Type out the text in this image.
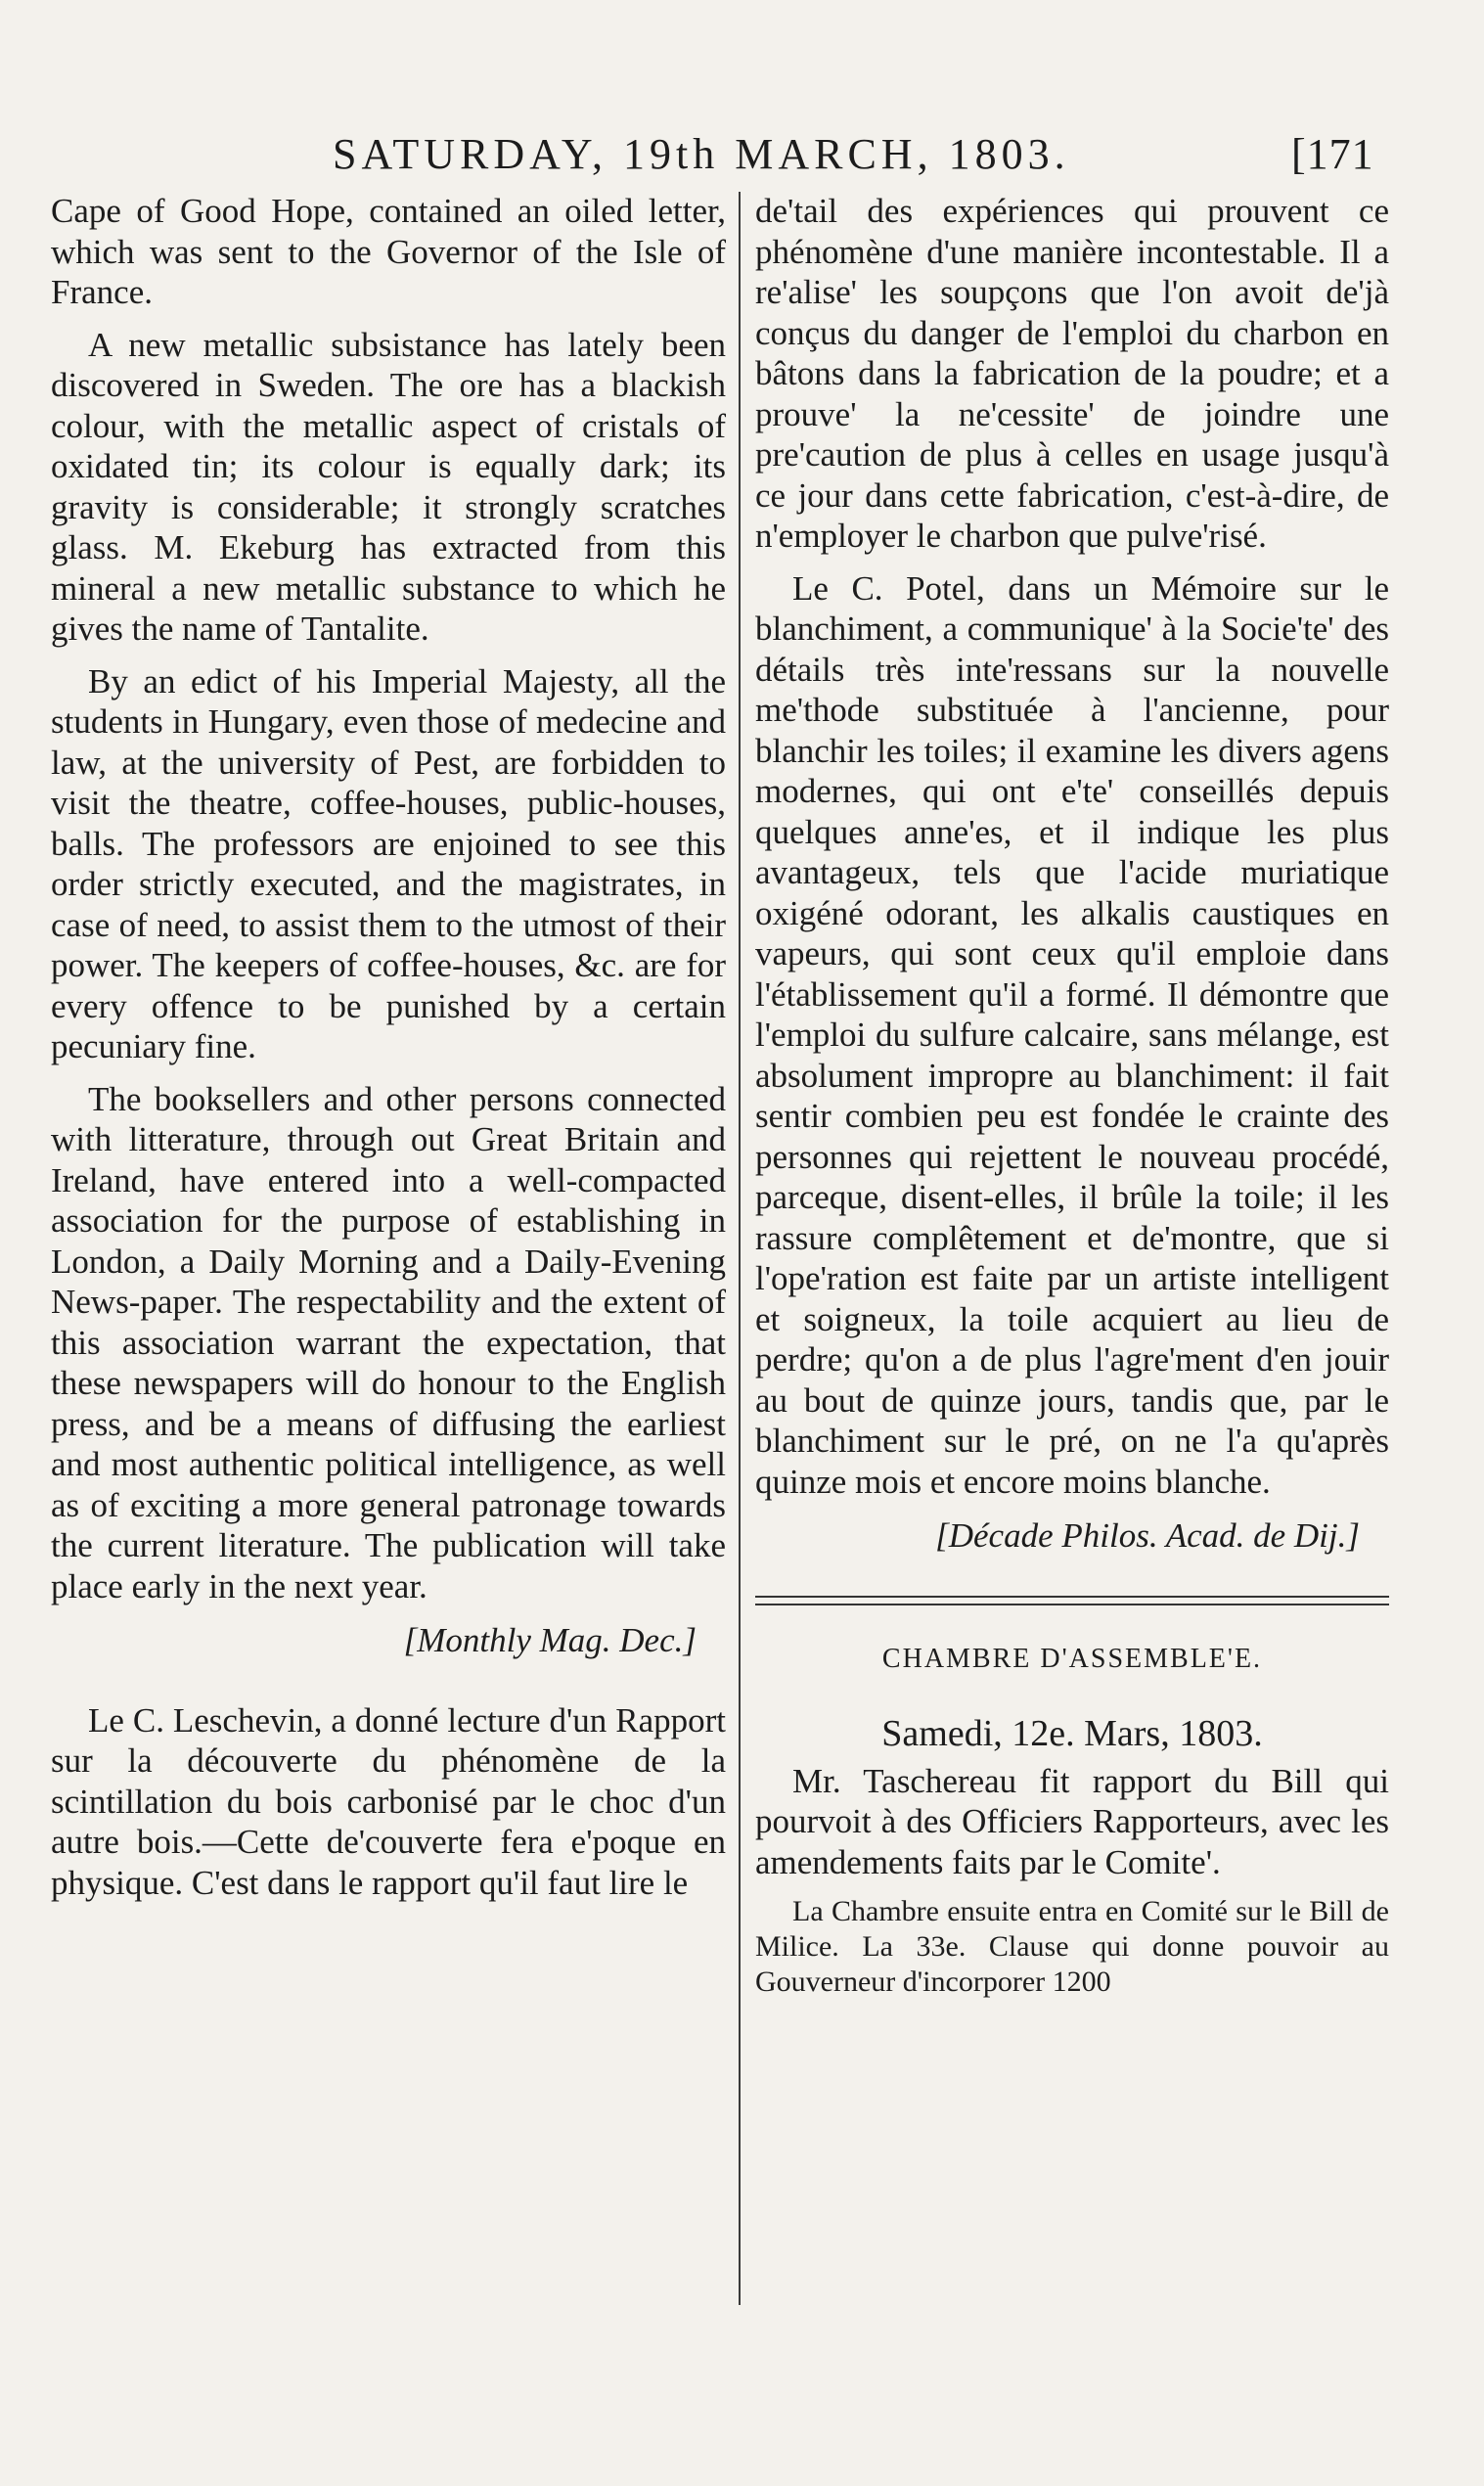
SATURDAY, 19th MARCH, 1803.	[171

Cape of Good Hope, contained an oiled letter, which was sent to the Governor of the Isle of France.

A new metallic subsistance has lately been discovered in Sweden. The ore has a blackish colour, with the metallic aspect of cristals of oxidated tin; its colour is equally dark; its gravity is considerable; it strongly scratches glass. M. Ekeburg has extracted from this mineral a new metallic substance to which he gives the name of Tantalite.

By an edict of his Imperial Majesty, all the students in Hungary, even those of medecine and law, at the university of Pest, are forbidden to visit the theatre, coffee-houses, public-houses, balls. The professors are enjoined to see this order strictly executed, and the magistrates, in case of need, to assist them to the utmost of their power. The keepers of coffee-houses, &c. are for every offence to be punished by a certain pecuniary fine.

The booksellers and other persons connected with litterature, through out Great Britain and Ireland, have entered into a well-compacted association for the purpose of establishing in London, a Daily Morning and a Daily-Evening News-paper. The respectability and the extent of this association warrant the expectation, that these newspapers will do honour to the English press, and be a means of diffusing the earliest and most authentic political intelligence, as well as of exciting a more general patronage towards the current literature. The publication will take place early in the next year.

[Monthly Mag. Dec.]

Le C. Leschevin, a donné lecture d'un Rapport sur la découverte du phénomène de la scintillation du bois carbonisé par le choc d'un autre bois.—Cette de'couverte fera e'poque en physique. C'est dans le rapport qu'il faut lire le

de'tail des expériences qui prouvent ce phénomène d'une manière incontestable. Il a re'alise' les soupçons que l'on avoit de'jà conçus du danger de l'emploi du charbon en bâtons dans la fabrication de la poudre; et a prouve' la ne'cessite' de joindre une pre'caution de plus à celles en usage jusqu'à ce jour dans cette fabrication, c'est-à-dire, de n'employer le charbon que pulve'risé.

Le C. Potel, dans un Mémoire sur le blanchiment, a communique' à la Socie'te' des détails très inte'ressans sur la nouvelle me'thode substituée à l'ancienne, pour blanchir les toiles; il examine les divers agens modernes, qui ont e'te' conseillés depuis quelques anne'es, et il indique les plus avantageux, tels que l'acide muriatique oxigéné odorant, les alkalis caustiques en vapeurs, qui sont ceux qu'il emploie dans l'établissement qu'il a formé. Il démontre que l'emploi du sulfure calcaire, sans mélange, est absolument impropre au blanchiment: il fait sentir combien peu est fondée le crainte des personnes qui rejettent le nouveau procédé, parceque, disent-elles, il brûle la toile; il les rassure complêtement et de'montre, que si l'ope'ration est faite par un artiste intelligent et soigneux, la toile acquiert au lieu de perdre; qu'on a de plus l'agre'ment d'en jouir au bout de quinze jours, tandis que, par le blanchiment sur le pré, on ne l'a qu'après quinze mois et encore moins blanche.

[Décade Philos. Acad. de Dij.]

CHAMBRE D'ASSEMBLE'E.
Samedi, 12e. Mars, 1803.

Mr. Taschereau fit rapport du Bill qui pourvoit à des Officiers Rapporteurs, avec les amendements faits par le Comite'.

La Chambre ensuite entra en Comité sur le Bill de Milice. La 33e. Clause qui donne pouvoir au Gouverneur d'incorporer 1200
